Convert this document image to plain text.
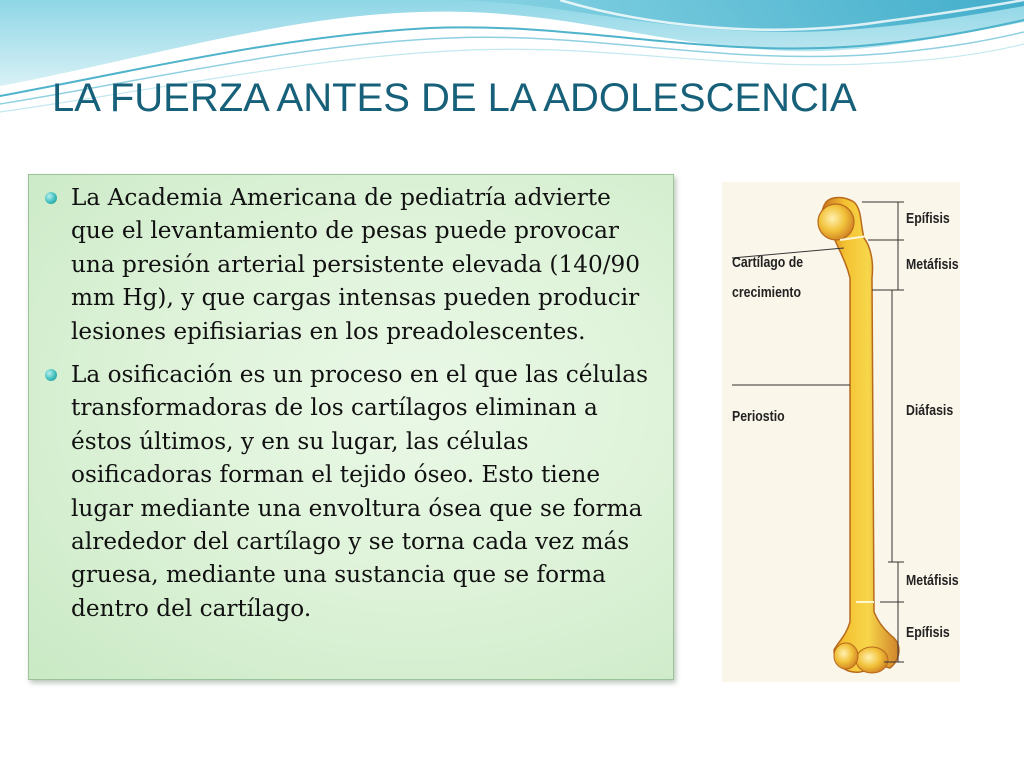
LA FUERZA ANTES DE LA ADOLESCENCIA
La Academia Americana de pediatría advierte que el levantamiento de pesas puede provocar una presión arterial persistente elevada (140/90 mm Hg), y que cargas intensas pueden producir lesiones epifisiarias en los preadolescentes.
La osificación es un proceso en el que las células transformadoras de los cartílagos eliminan a éstos últimos, y en su lugar, las células osificadoras forman el tejido óseo. Esto tiene lugar mediante una envoltura ósea que se forma alrededor del cartílago y se torna cada vez más gruesa, mediante una sustancia que se forma dentro del cartílago.

Epífisis

Metáfisis

Cartílago de

crecimiento

Diáfasis

Periostio

Metáfisis

Epífisis
